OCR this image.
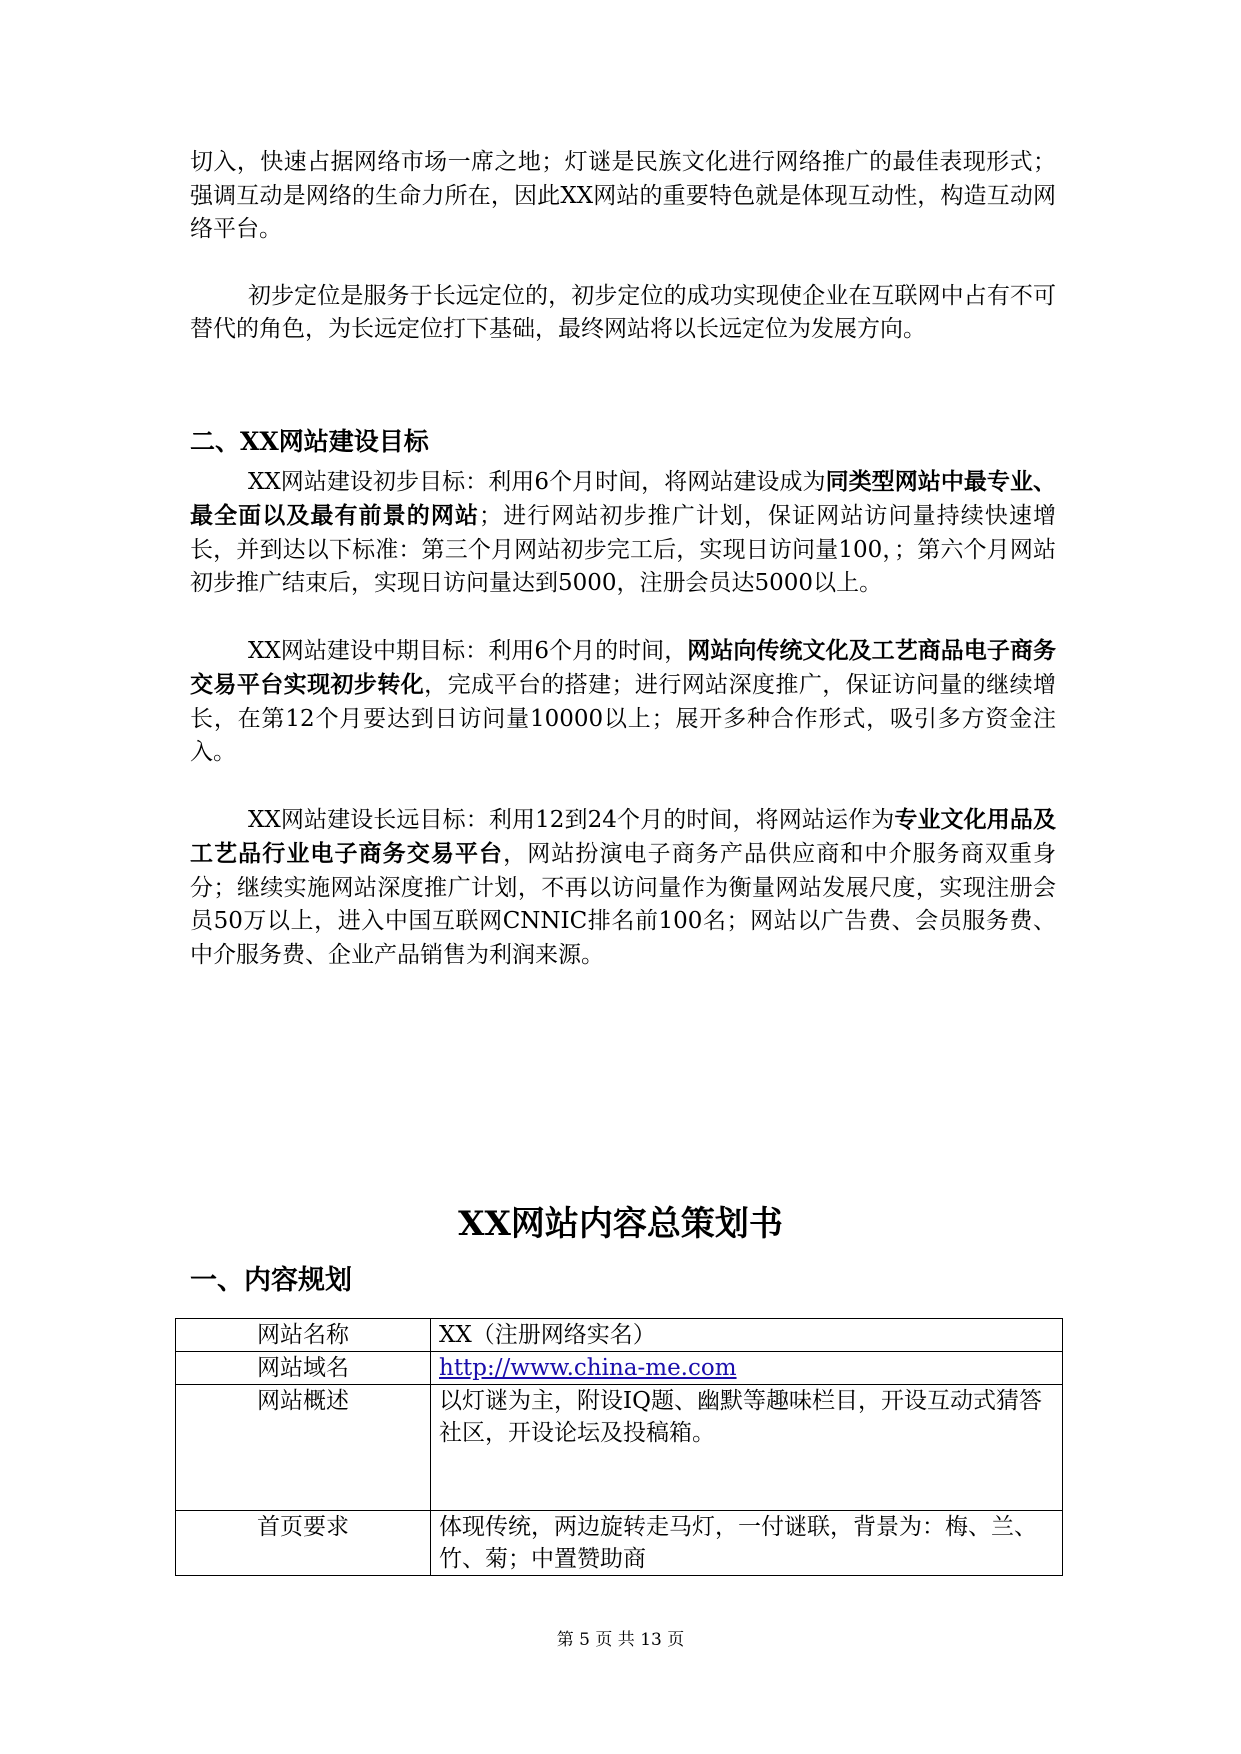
切入，快速占据网络市场一席之地；灯谜是民族文化进行网络推广的最佳表现形式；强调互动是网络的生命力所在，因此XX网站的重要特色就是体现互动性，构造互动网络平台。

初步定位是服务于长远定位的，初步定位的成功实现使企业在互联网中占有不可替代的角色，为长远定位打下基础，最终网站将以长远定位为发展方向。

二、XX网站建设目标

XX网站建设初步目标：利用6个月时间，将网站建设成为同类型网站中最专业、最全面以及最有前景的网站；进行网站初步推广计划，保证网站访问量持续快速增长，并到达以下标准：第三个月网站初步完工后，实现日访问量100，；第六个月网站初步推广结束后，实现日访问量达到5000，注册会员达5000以上。

XX网站建设中期目标：利用6个月的时间，网站向传统文化及工艺商品电子商务交易平台实现初步转化，完成平台的搭建；进行网站深度推广，保证访问量的继续增长，在第12个月要达到日访问量10000以上；展开多种合作形式，吸引多方资金注入。

XX网站建设长远目标：利用12到24个月的时间，将网站运作为专业文化用品及工艺品行业电子商务交易平台，网站扮演电子商务产品供应商和中介服务商双重身分；继续实施网站深度推广计划，不再以访问量作为衡量网站发展尺度，实现注册会员50万以上，进入中国互联网CNNIC排名前100名；网站以广告费、会员服务费、中介服务费、企业产品销售为利润来源。

XX网站内容总策划书
一、内容规划
网站名称	XX（注册网络实名）
网站域名	http://www.china-me.com
网站概述	以灯谜为主，附设IQ题、幽默等趣味栏目，开设互动式猜答社区，开设论坛及投稿箱。
首页要求	体现传统，两边旋转走马灯，一付谜联，背景为：梅、兰、竹、菊；中置赞助商
第 5 页 共 13 页
